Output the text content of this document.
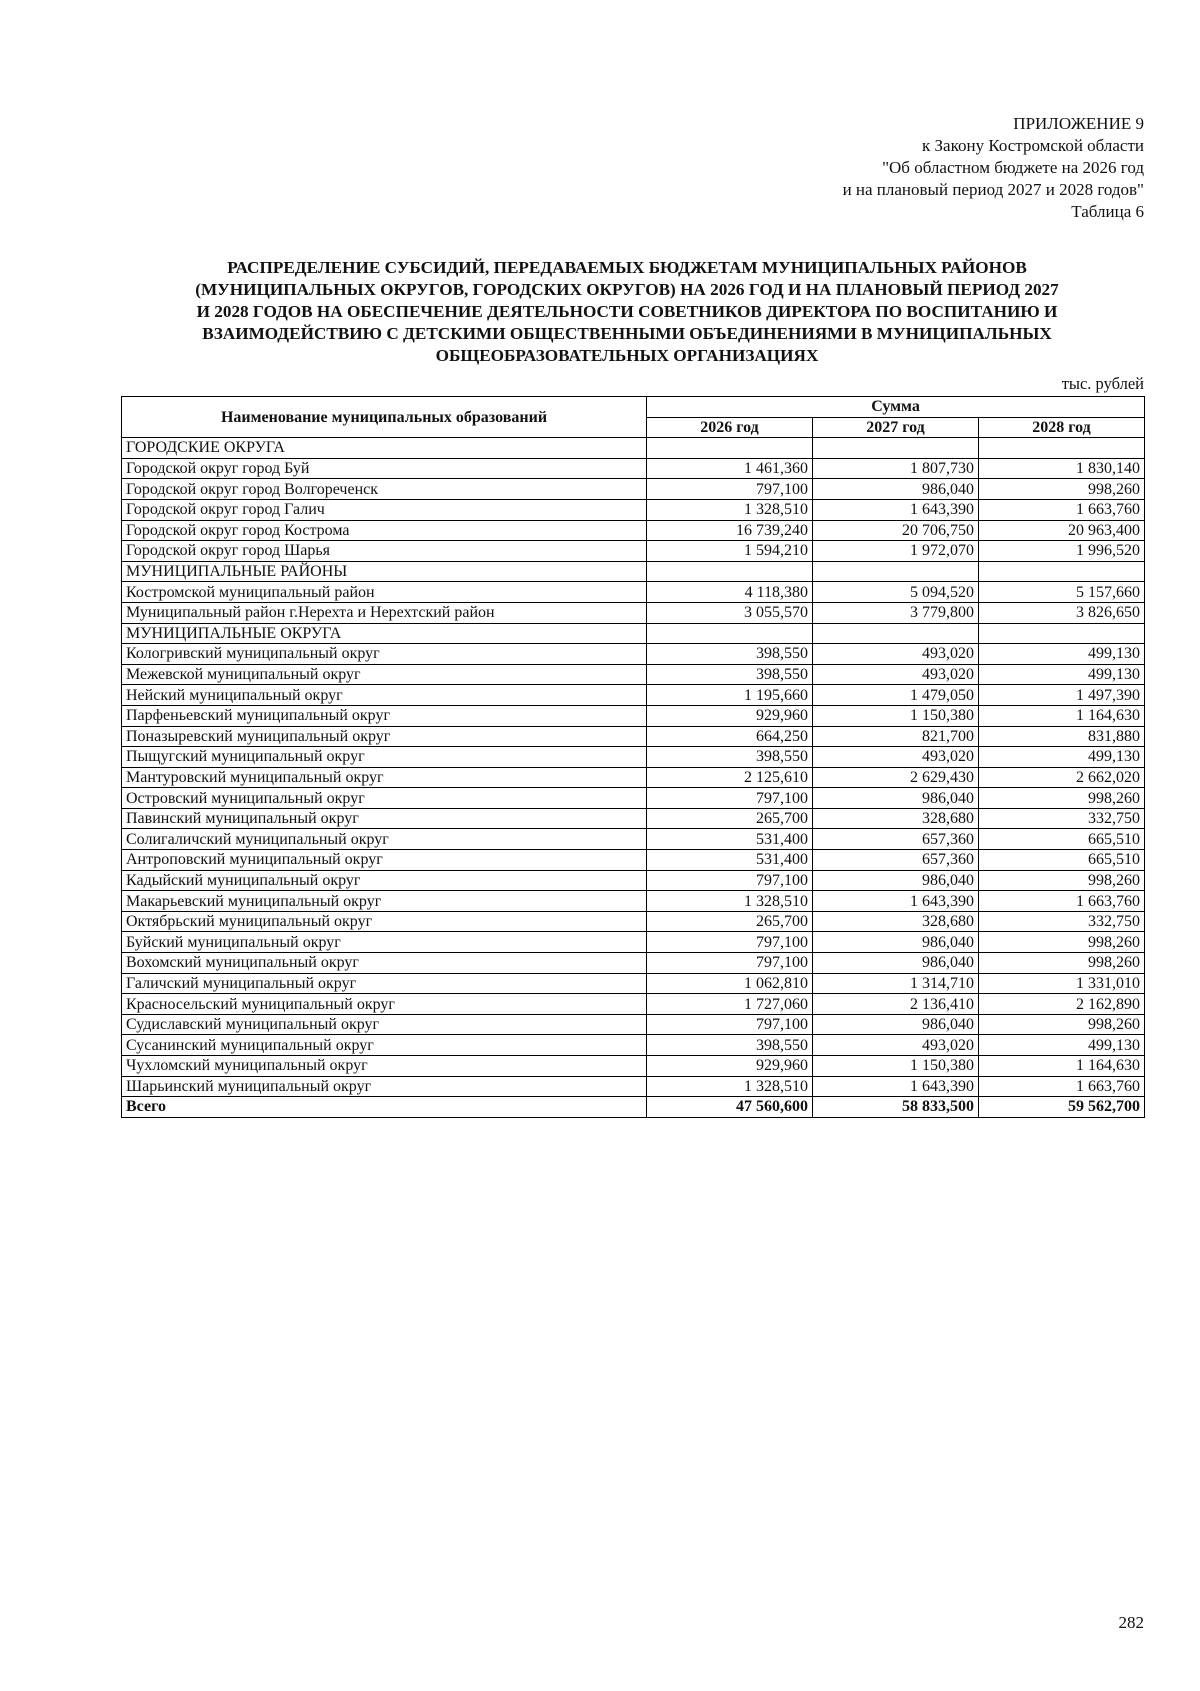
ПРИЛОЖЕНИЕ 9
к Закону Костромской области
"Об областном бюджете на 2026 год
и на плановый период 2027 и 2028 годов"
Таблица 6
РАСПРЕДЕЛЕНИЕ СУБСИДИЙ, ПЕРЕДАВАЕМЫХ БЮДЖЕТАМ МУНИЦИПАЛЬНЫХ РАЙОНОВ
(МУНИЦИПАЛЬНЫХ ОКРУГОВ, ГОРОДСКИХ ОКРУГОВ) НА 2026 ГОД И НА ПЛАНОВЫЙ ПЕРИОД 2027
И 2028 ГОДОВ НА ОБЕСПЕЧЕНИЕ ДЕЯТЕЛЬНОСТИ СОВЕТНИКОВ ДИРЕКТОРА ПО ВОСПИТАНИЮ И
ВЗАИМОДЕЙСТВИЮ С ДЕТСКИМИ ОБЩЕСТВЕННЫМИ ОБЪЕДИНЕНИЯМИ В МУНИЦИПАЛЬНЫХ
ОБЩЕОБРАЗОВАТЕЛЬНЫХ ОРГАНИЗАЦИЯХ
тыс. рублей
Наименование муниципальных образований	Сумма		
	2026 год	2027 год	2028 год
ГОРОДСКИЕ ОКРУГА			
Городской округ город Буй	1 461,360	1 807,730	1 830,140
Городской округ город Волгореченск	797,100	986,040	998,260
Городской округ город Галич	1 328,510	1 643,390	1 663,760
Городской округ город Кострома	16 739,240	20 706,750	20 963,400
Городской округ город Шарья	1 594,210	1 972,070	1 996,520
МУНИЦИПАЛЬНЫЕ РАЙОНЫ			
Костромской муниципальный район	4 118,380	5 094,520	5 157,660
Муниципальный район г.Нерехта и Нерехтский район	3 055,570	3 779,800	3 826,650
МУНИЦИПАЛЬНЫЕ ОКРУГА			
Кологривский муниципальный округ	398,550	493,020	499,130
Межевской муниципальный округ	398,550	493,020	499,130
Нейский муниципальный округ	1 195,660	1 479,050	1 497,390
Парфеньевский муниципальный округ	929,960	1 150,380	1 164,630
Поназыревский муниципальный округ	664,250	821,700	831,880
Пыщугский муниципальный округ	398,550	493,020	499,130
Мантуровский муниципальный округ	2 125,610	2 629,430	2 662,020
Островский муниципальный округ	797,100	986,040	998,260
Павинский муниципальный округ	265,700	328,680	332,750
Солигаличский муниципальный округ	531,400	657,360	665,510
Антроповский муниципальный округ	531,400	657,360	665,510
Кадыйский муниципальный округ	797,100	986,040	998,260
Макарьевский муниципальный округ	1 328,510	1 643,390	1 663,760
Октябрьский муниципальный округ	265,700	328,680	332,750
Буйский муниципальный округ	797,100	986,040	998,260
Вохомский муниципальный округ	797,100	986,040	998,260
Галичский муниципальный округ	1 062,810	1 314,710	1 331,010
Красносельский муниципальный округ	1 727,060	2 136,410	2 162,890
Судиславский муниципальный округ	797,100	986,040	998,260
Сусанинский муниципальный округ	398,550	493,020	499,130
Чухломский муниципальный округ	929,960	1 150,380	1 164,630
Шарьинский муниципальный округ	1 328,510	1 643,390	1 663,760
Всего	47 560,600	58 833,500	59 562,700
282
